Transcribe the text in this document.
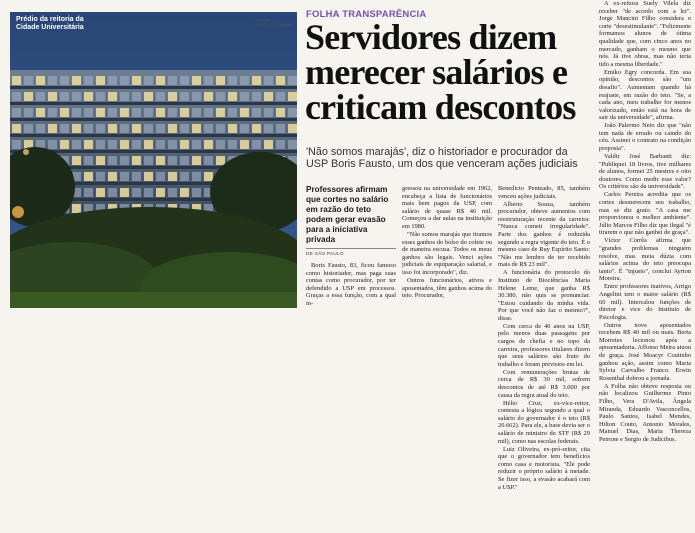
Prédio da reitoria da Cidade Universitária
Lalo de Almeida/Folhapress
FOLHA TRANSPARÊNCIA
Servidores dizem merecer salários e criticam descontos
'Não somos marajás', diz o historiador e procurador da USP Boris Fausto, um dos que venceram ações judiciais
Professores afirmam que cortes no salário em razão do teto podem gerar evasão para a iniciativa privada
DE SÃO PAULO

Boris Fausto, 83, ficou famoso como historiador, mas paga suas contas como procurador, por ter defendido a USP em processos. Graças a essa função, com a qual in-

gressou na universidade em 1962, encabeça a lista de funcionários mais bem pagos da USP, com salário de quase R$ 46 mil. Começou a dar aulas na instituição em 1980.

"Não somos marajás que tiramos esses ganhos do bolso do colete ou de maneira escusa. Todos os meus ganhos são legais. Venci ações judiciais de equiparação salarial, e isso foi incorporado", diz.

Outros funcionários, ativos e aposentados, têm ganhos acima do teto. Procurador,

Benedicto Penteado, 85, também venceu ações judiciais.

Alberto Souza, também procurador, obteve aumentos com reestruturação recente da carreira: "Nunca cometi irregularidade". Parte dos ganhos é reduzida segundo a regra vigente do teto. É o mesmo caso de Ruy Espírito Santo: "Não me lembro de ter recebido mais de R$ 23 mil".

A funcionária do protocolo do Instituto de Biociências Maria Helene Leme, que ganha R$ 30.380, não quis se pronunciar. "Estou cuidando da minha vida. Por que você não faz o mesmo?", disse.

Com cerca de 40 anos na USP, pelo menos duas passagens por cargos de chefia e no topo da carreira, professores titulares dizem que seus salários são fruto do trabalho e foram previstos em lei.

Com remunerações brutas de cerca de R$ 30 mil, sofrem descontos de até R$ 3.000 por causa da regra atual do teto.

Hélio Cruz, ex-vice-reitor, contesta a lógica segundo a qual o salário do governador é o teto (R$ 20.662). Para ele, a base devia ser o salário de ministro do STF (R$ 29 mil), como nas escolas federais.

Luiz Oliveira, ex-pró-reitor, cita que o governador tem benefícios como casa e motorista. "Ele pode reduzir o próprio salário à metade. Se fizer isso, a evasão acabará com a USP."

A ex-reitora Suely Vilela diz receber "de acordo com a lei". Jorge Mancini Filho considera o corte "desestimulante". "Felizmente formamos alunos de ótima qualidade que, com cinco anos no mercado, ganham o mesmo que nós. Já tive obras, mas não teria tido a mesma liberdade."

Emiko Egry concorda. Em sua opinião, descontos são "um desafio". Aumentam quando há reajuste, em razão do teto. "Se, a cada ano, meu trabalho for menos valorizado, então está na hora de sair da universidade", afirma.

João Palermo Neto diz que "não tem nada de errado ou caindo do céu. Assinei o contrato na condição proposta".

Valdir José Barbanti diz: "Publiquei 18 livros, tive milhares de alunos, formei 25 mestres e oito doutores. Como medir esse valor? Os critérios são da universidade".

Carlos Pereira acredita que os cortes desmerecem seu trabalho, mas se diz grato. "A casa me proporcionou o melhor ambiente". Júlio Marcos Filho diz que ilegal "é tirarem o que não ganhei de graça".

Víctor Corrêa afirma que "grandes problemas ninguém resolve, mas meia dúzia com salários acima do teto preocupa tanto". É "injusto", conclui Ayrton Moreira.

Entre professores inativos, Arrigo Angelini tem o maior salário (R$ 60 mil). Intercalou funções de diretor e vice do Instituto de Psicologia.

Outros nove aposentados recebem R$ 40 mil ou mais. Berta Morretes lecionou após a aposentadoria. Affonso Meira atuou de graça. José Moacyr Coutinho ganhou ação, assim como Maria Sylvia Carvalho Franco. Erwin Rosenthal dobrou a jornada.

A Folha não obteve resposta ou não localizou Guilherme Pinto Filho, Vera D'Avila, Ângela Miranda, Eduardo Vasconcellos, Paulo Santos, Isabel Mendes, Hilton Couto, Antonio Morales, Manuel Dias, Maria Thereza Petrone e Sergio de Judicibus.
